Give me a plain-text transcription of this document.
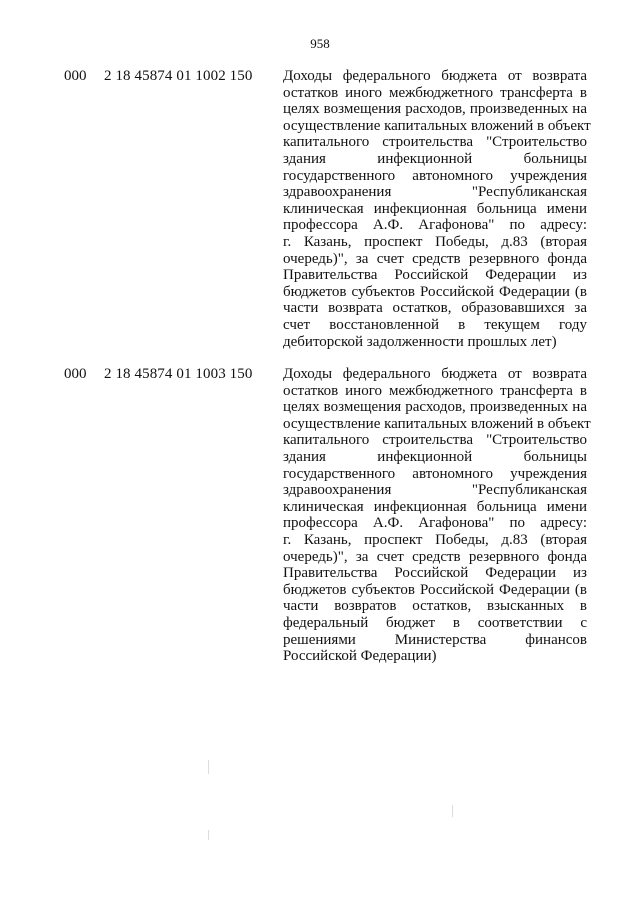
958
000 2 18 45874 01 1002 150 Доходы федерального бюджета от возврата
остатков иного межбюджетного трансферта в
целях возмещения расходов, произведенных на
осуществление капитальных вложений в объект
капитального строительства "Строительство
здания инфекционной больницы
государственного автономного учреждения
здравоохранения "Республиканская
клиническая инфекционная больница имени
профессора А.Ф. Агафонова" по адресу:
г. Казань, проспект Победы, д.83 (вторая
очередь)", за счет средств резервного фонда
Правительства Российской Федерации из
бюджетов субъектов Российской Федерации (в
части возврата остатков, образовавшихся за
счет восстановленной в текущем году
дебиторской задолженности прошлых лет)
000 2 18 45874 01 1003 150 Доходы федерального бюджета от возврата
остатков иного межбюджетного трансферта в
целях возмещения расходов, произведенных на
осуществление капитальных вложений в объект
капитального строительства "Строительство
здания инфекционной больницы
государственного автономного учреждения
здравоохранения "Республиканская
клиническая инфекционная больница имени
профессора А.Ф. Агафонова" по адресу:
г. Казань, проспект Победы, д.83 (вторая
очередь)", за счет средств резервного фонда
Правительства Российской Федерации из
бюджетов субъектов Российской Федерации (в
части возвратов остатков, взысканных в
федеральный бюджет в соответствии с
решениями Министерства финансов
Российской Федерации)
